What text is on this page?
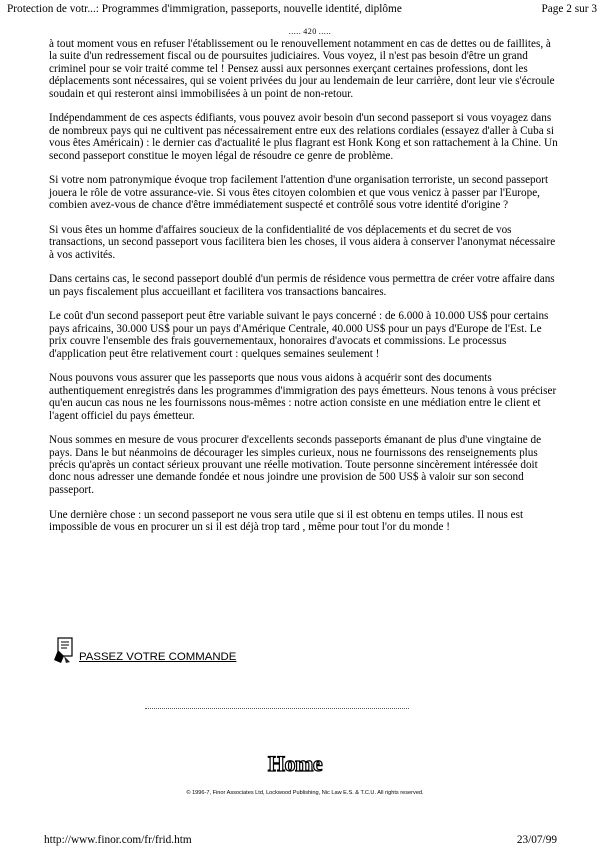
Protection de votr...: Programmes d'immigration, passeports, nouvelle identité, diplôme	Page 2 sur 3
..... 420 .....

à tout moment vous en refuser l'établissement ou le renouvellement notamment en cas de dettes ou de faillites, à la suite d'un redressement fiscal ou de poursuites judiciaires. Vous voyez, il n'est pas besoin d'être un grand criminel pour se voir traité comme tel ! Pensez aussi aux personnes exerçant certaines professions, dont les déplacements sont nécessaires, qui se voient privées du jour au lendemain de leur carrière, dont leur vie s'écroule soudain et qui resteront ainsi immobilisées à un point de non-retour.

Indépendamment de ces aspects édifiants, vous pouvez avoir besoin d'un second passeport si vous voyagez dans de nombreux pays qui ne cultivent pas nécessairement entre eux des relations cordiales (essayez d'aller à Cuba si vous êtes Américain) : le dernier cas d'actualité le plus flagrant est Honk Kong et son rattachement à la Chine. Un second passeport constitue le moyen légal de résoudre ce genre de problème.

Si votre nom patronymique évoque trop facilement l'attention d'une organisation terroriste, un second passeport jouera le rôle de votre assurance-vie. Si vous êtes citoyen colombien et que vous venicz à passer par l'Europe, combien avez-vous de chance d'être immédiatement suspecté et contrôlé sous votre identité d'origine ?

Si vous êtes un homme d'affaires soucieux de la confidentialité de vos déplacements et du secret de vos transactions, un second passeport vous facilitera bien les choses, il vous aidera à conserver l'anonymat nécessaire à vos activités.

Dans certains cas, le second passeport doublé d'un permis de résidence vous permettra de créer votre affaire dans un pays fiscalement plus accueillant et facilitera vos transactions bancaires.

Le coût d'un second passeport peut être variable suivant le pays concerné : de 6.000 à 10.000 US$ pour certains pays africains, 30.000 US$ pour un pays d'Amérique Centrale, 40.000 US$ pour un pays d'Europe de l'Est. Le prix couvre l'ensemble des frais gouvernementaux, honoraires d'avocats et commissions. Le processus d'application peut être relativement court : quelques semaines seulement !

Nous pouvons vous assurer que les passeports que nous vous aidons à acquérir sont des documents authentiquement enregistrés dans les programmes d'immigration des pays émetteurs. Nous tenons à vous préciser qu'en aucun cas nous ne les fournissons nous-mêmes : notre action consiste en une médiation entre le client et l'agent officiel du pays émetteur.

Nous sommes en mesure de vous procurer d'excellents seconds passeports émanant de plus d'une vingtaine de pays. Dans le but néanmoins de décourager les simples curieux, nous ne fournissons des renseignements plus précis qu'après un contact sérieux prouvant une réelle motivation. Toute personne sincèrement intéressée doit donc nous adresser une demande fondée et nous joindre une provision de 500 US$ à valoir sur son second passeport.

Une dernière chose : un second passeport ne vous sera utile que si il est obtenu en temps utiles. Il nous est impossible de vous en procurer un si il est déjà trop tard , même pour tout l'or du monde !

PASSEZ VOTRE COMMANDE
Home
© 1996-7, Finor Associates Ltd, Lockwood Publishing, Nic Law E.S. & T.C.U. All rights reserved.
http://www.finor.com/fr/frid.htm	23/07/99
